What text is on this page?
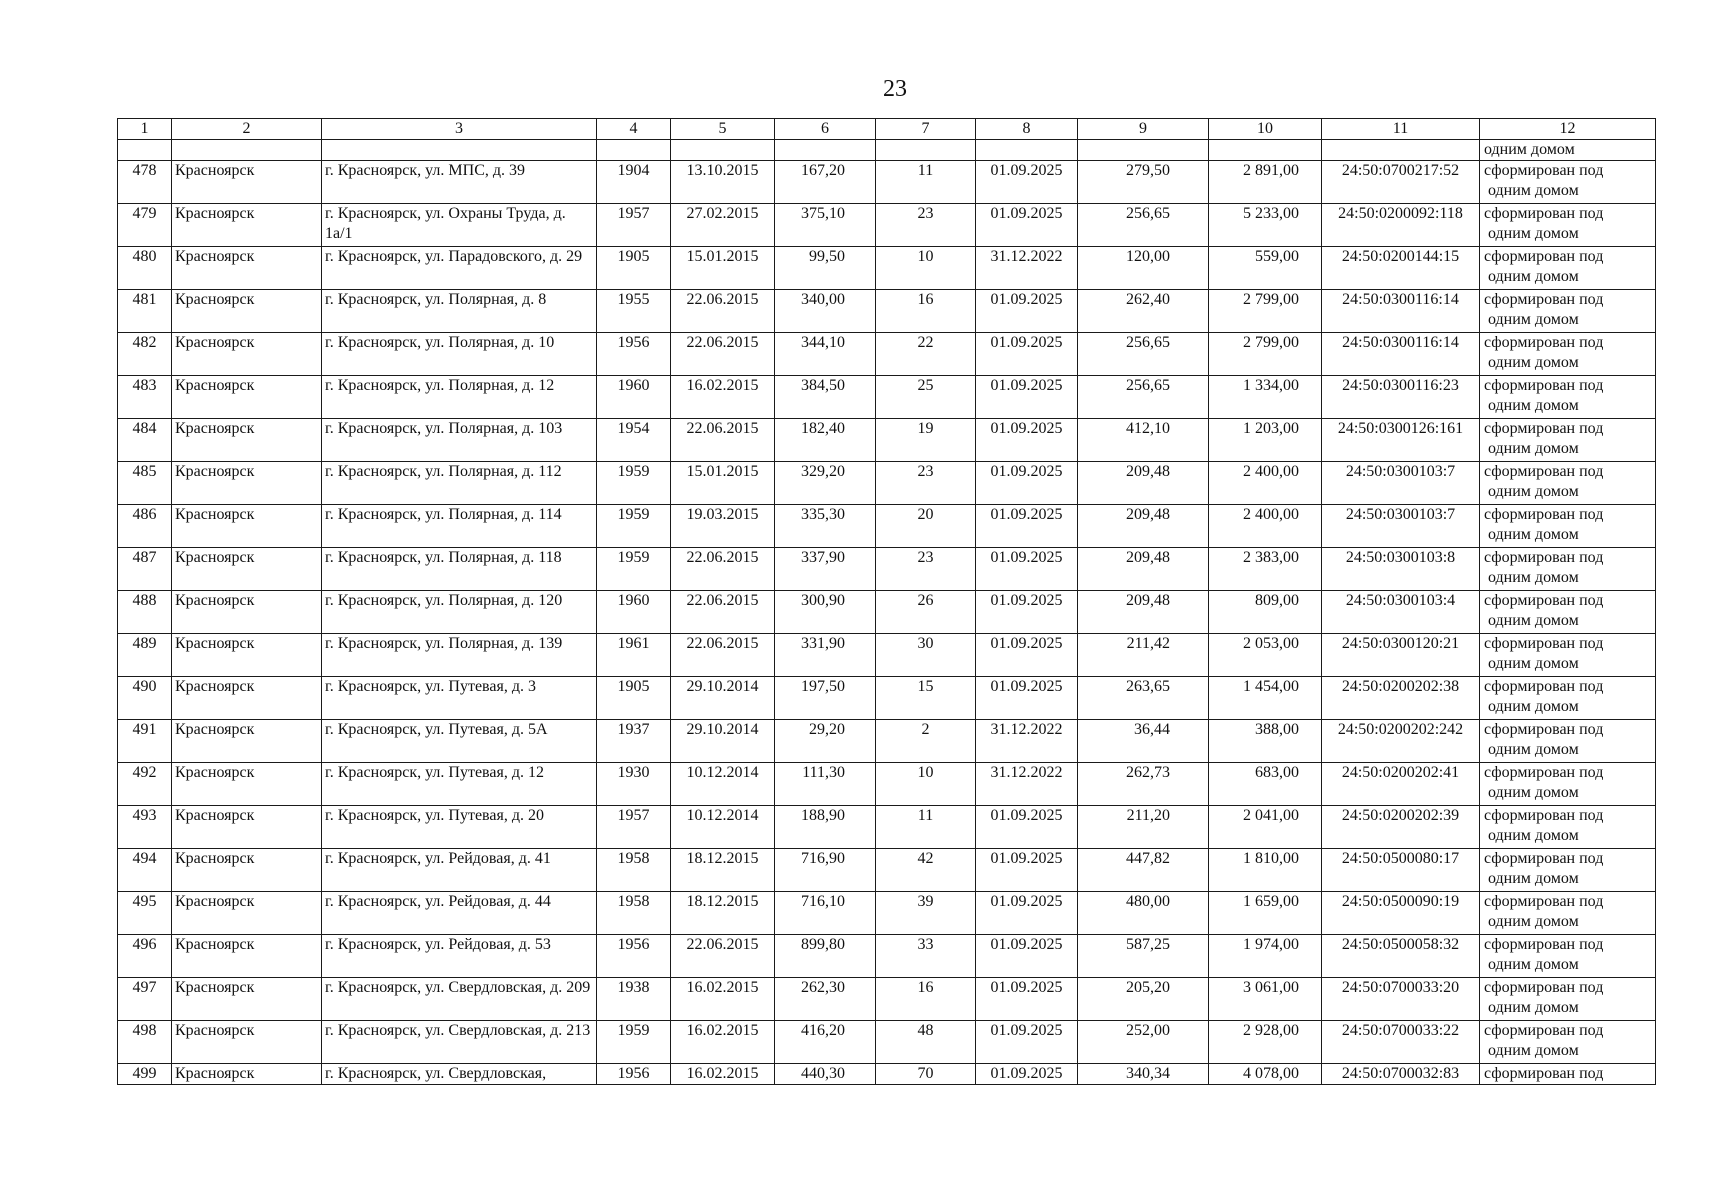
23
1	2	3	4	5	6	7	8	9	10	11	12
											одним домом
478	Красноярск	г. Красноярск, ул. МПС, д. 39	1904	13.10.2015	167,20	11	01.09.2025	279,50	2 891,00	24:50:0700217:52	сформирован под
одним домом

479	Красноярск	г. Красноярск, ул. Охраны Труда, д. 1а/1	1957	27.02.2015	375,10	23	01.09.2025	256,65	5 233,00	24:50:0200092:118	сформирован под
одним домом

480	Красноярск	г. Красноярск, ул. Парадовского, д. 29	1905	15.01.2015	99,50	10	31.12.2022	120,00	559,00	24:50:0200144:15	сформирован под
одним домом

481	Красноярск	г. Красноярск, ул. Полярная, д. 8	1955	22.06.2015	340,00	16	01.09.2025	262,40	2 799,00	24:50:0300116:14	сформирован под
одним домом

482	Красноярск	г. Красноярск, ул. Полярная, д. 10	1956	22.06.2015	344,10	22	01.09.2025	256,65	2 799,00	24:50:0300116:14	сформирован под
одним домом

483	Красноярск	г. Красноярск, ул. Полярная, д. 12	1960	16.02.2015	384,50	25	01.09.2025	256,65	1 334,00	24:50:0300116:23	сформирован под
одним домом

484	Красноярск	г. Красноярск, ул. Полярная, д. 103	1954	22.06.2015	182,40	19	01.09.2025	412,10	1 203,00	24:50:0300126:161	сформирован под
одним домом

485	Красноярск	г. Красноярск, ул. Полярная, д. 112	1959	15.01.2015	329,20	23	01.09.2025	209,48	2 400,00	24:50:0300103:7	сформирован под
одним домом

486	Красноярск	г. Красноярск, ул. Полярная, д. 114	1959	19.03.2015	335,30	20	01.09.2025	209,48	2 400,00	24:50:0300103:7	сформирован под
одним домом

487	Красноярск	г. Красноярск, ул. Полярная, д. 118	1959	22.06.2015	337,90	23	01.09.2025	209,48	2 383,00	24:50:0300103:8	сформирован под
одним домом

488	Красноярск	г. Красноярск, ул. Полярная, д. 120	1960	22.06.2015	300,90	26	01.09.2025	209,48	809,00	24:50:0300103:4	сформирован под
одним домом

489	Красноярск	г. Красноярск, ул. Полярная, д. 139	1961	22.06.2015	331,90	30	01.09.2025	211,42	2 053,00	24:50:0300120:21	сформирован под
одним домом

490	Красноярск	г. Красноярск, ул. Путевая, д. 3	1905	29.10.2014	197,50	15	01.09.2025	263,65	1 454,00	24:50:0200202:38	сформирован под
одним домом

491	Красноярск	г. Красноярск, ул. Путевая, д. 5А	1937	29.10.2014	29,20	2	31.12.2022	36,44	388,00	24:50:0200202:242	сформирован под
одним домом

492	Красноярск	г. Красноярск, ул. Путевая, д. 12	1930	10.12.2014	111,30	10	31.12.2022	262,73	683,00	24:50:0200202:41	сформирован под
одним домом

493	Красноярск	г. Красноярск, ул. Путевая, д. 20	1957	10.12.2014	188,90	11	01.09.2025	211,20	2 041,00	24:50:0200202:39	сформирован под
одним домом

494	Красноярск	г. Красноярск, ул. Рейдовая, д. 41	1958	18.12.2015	716,90	42	01.09.2025	447,82	1 810,00	24:50:0500080:17	сформирован под
одним домом

495	Красноярск	г. Красноярск, ул. Рейдовая, д. 44	1958	18.12.2015	716,10	39	01.09.2025	480,00	1 659,00	24:50:0500090:19	сформирован под
одним домом

496	Красноярск	г. Красноярск, ул. Рейдовая, д. 53	1956	22.06.2015	899,80	33	01.09.2025	587,25	1 974,00	24:50:0500058:32	сформирован под
одним домом

497	Красноярск	г. Красноярск, ул. Свердловская, д. 209	1938	16.02.2015	262,30	16	01.09.2025	205,20	3 061,00	24:50:0700033:20	сформирован под
одним домом

498	Красноярск	г. Красноярск, ул. Свердловская, д. 213	1959	16.02.2015	416,20	48	01.09.2025	252,00	2 928,00	24:50:0700033:22	сформирован под
одним домом

499	Красноярск	г. Красноярск, ул. Свердловская,	1956	16.02.2015	440,30	70	01.09.2025	340,34	4 078,00	24:50:0700032:83	сформирован под
